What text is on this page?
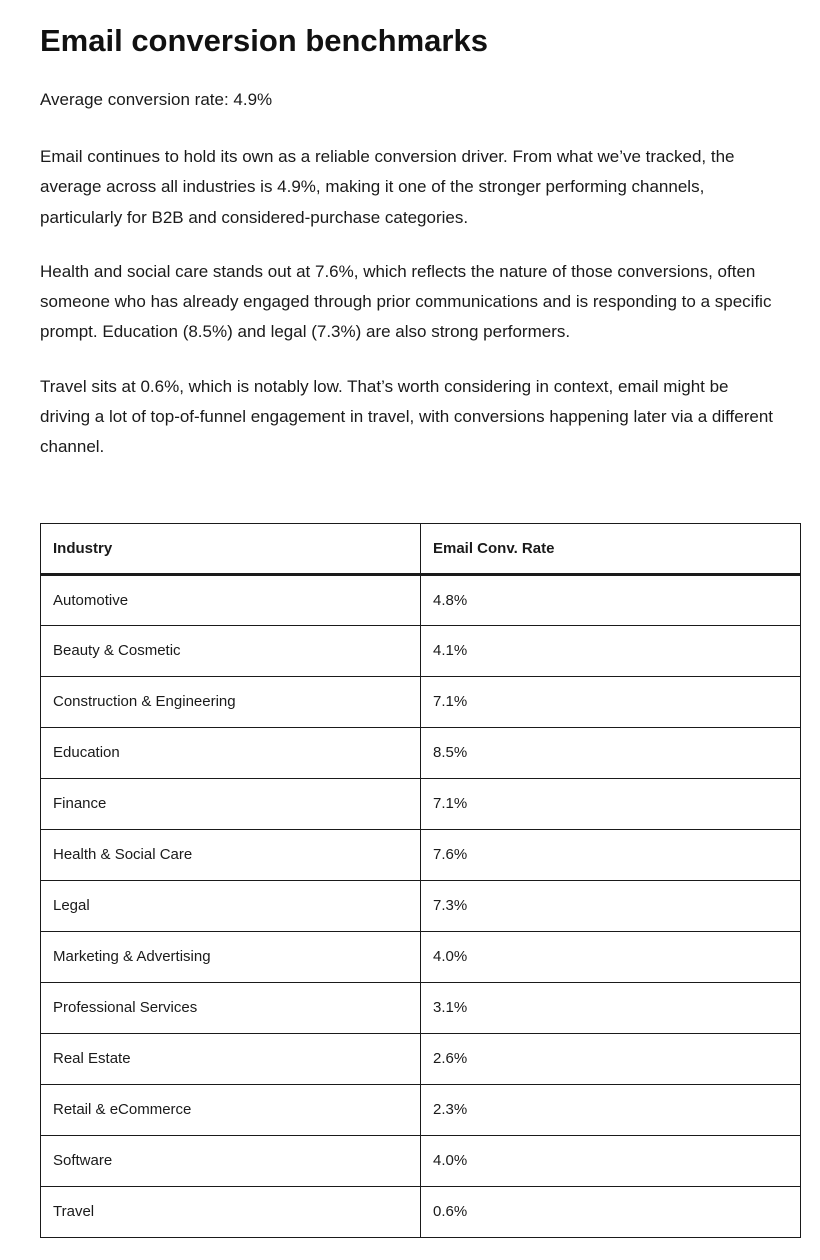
Email conversion benchmarks

Average conversion rate: 4.9%

Email continues to hold its own as a reliable conversion driver. From what we’ve tracked, the average across all industries is 4.9%, making it one of the stronger performing channels, particularly for B2B and considered-purchase categories.

Health and social care stands out at 7.6%, which reflects the nature of those conversions, often someone who has already engaged through prior communications and is responding to a specific prompt. Education (8.5%) and legal (7.3%) are also strong performers.

Travel sits at 0.6%, which is notably low. That’s worth considering in context, email might be driving a lot of top-of-funnel engagement in travel, with conversions happening later via a different channel.

Industry	Email Conv. Rate
Automotive	4.8%
Beauty & Cosmetic	4.1%
Construction & Engineering	7.1%
Education	8.5%
Finance	7.1%
Health & Social Care	7.6%
Legal	7.3%
Marketing & Advertising	4.0%
Professional Services	3.1%
Real Estate	2.6%
Retail & eCommerce	2.3%
Software	4.0%
Travel	0.6%
